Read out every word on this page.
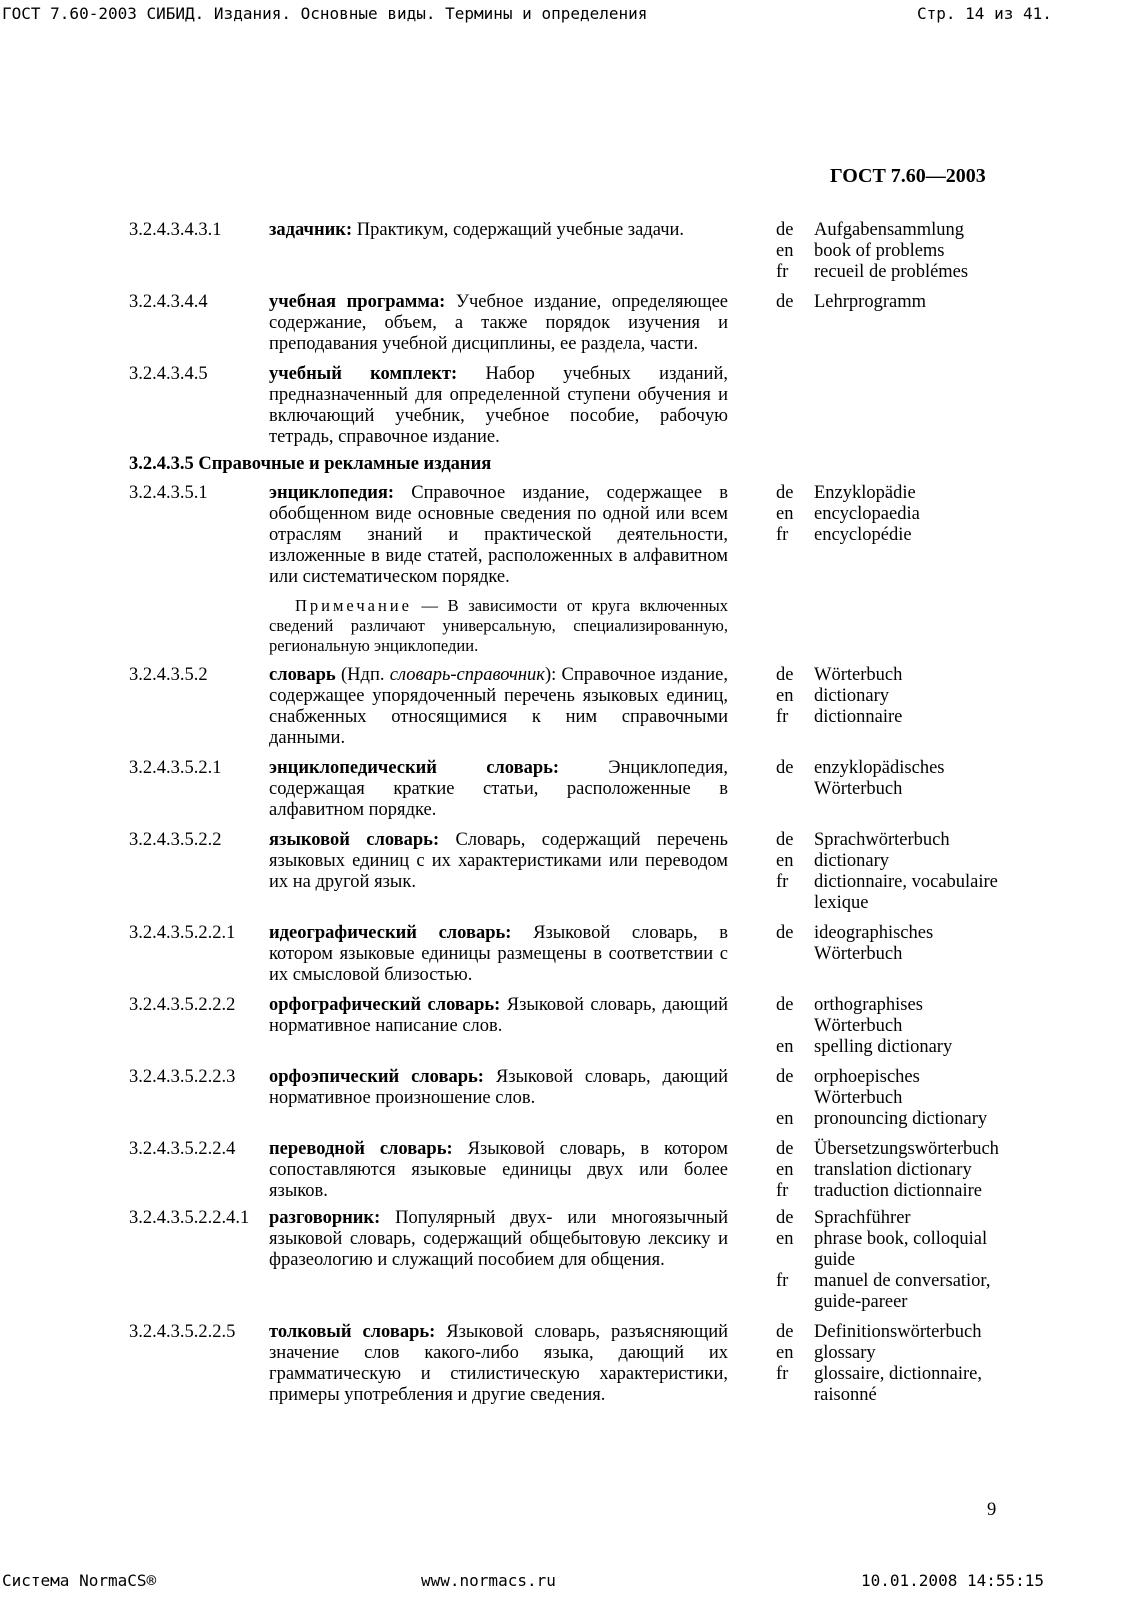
ГОСТ 7.60-2003 СИБИД. Издания. Основные виды. Термины и определения	Стр. 14 из 41.
ГОСТ 7.60—2003
3.2.4.3.4.3.1	задачник: Практикум, содержащий учебные задачи.	de	Aufgabensammlung
en	book of problems
fr	recueil de problémes
3.2.4.3.4.4	учебная программа: Учебное издание, определяющее содержание, объем, а также порядок изучения и преподавания учебной дисциплины, ее раздела, части.
de	Lehrprogramm
3.2.4.3.4.5	учебный комплект: Набор учебных изданий, предназначенный для определенной ступени обучения и включающий учебник, учебное пособие, рабочую тетрадь, справочное издание.
3.2.4.3.5 Справочные и рекламные издания
3.2.4.3.5.1	энциклопедия: Справочное издание, содержащее в обобщенном виде основные сведения по одной или всем отраслям знаний и практической деятельности, изложенные в виде статей, расположенных в алфавитном или систематическом порядке.
de	Enzyklopädie
en	encyclopaedia
fr	encyclopédie
Примечание — В зависимости от круга включенных сведений различают универсальную, специализированную, региональную энциклопедии.
3.2.4.3.5.2	словарь (Ндп. словарь-справочник): Справочное издание, содержащее упорядоченный перечень языковых единиц, снабженных относящимися к ним справочными данными.
de	Wörterbuch
en	dictionary
fr	dictionnaire
3.2.4.3.5.2.1	энциклопедический словарь: Энциклопедия, содержащая краткие статьи, расположенные в алфавитном порядке.
de	enzyklopädisches Wörterbuch
3.2.4.3.5.2.2	языковой словарь: Словарь, содержащий перечень языковых единиц с их характеристиками или переводом их на другой язык.
de	Sprachwörterbuch
en	dictionary
fr	dictionnaire, vocabulaire lexique
3.2.4.3.5.2.2.1	идеографический словарь: Языковой словарь, в котором языковые единицы размещены в соответствии с их смысловой близостью.
de	ideographisches Wörterbuch
3.2.4.3.5.2.2.2	орфографический словарь: Языковой словарь, дающий нормативное написание слов.
de	orthographises Wörterbuch
en	spelling dictionary
3.2.4.3.5.2.2.3	орфоэпический словарь: Языковой словарь, дающий нормативное произношение слов.
de	orphoepisches Wörterbuch
en	pronouncing dictionary
3.2.4.3.5.2.2.4	переводной словарь: Языковой словарь, в котором сопоставляются языковые единицы двух или более языков.
de	Übersetzungswörterbuch
en	translation dictionary
fr	traduction dictionnaire
3.2.4.3.5.2.2.4.1	разговорник: Популярный двух- или многоязычный языковой словарь, содержащий общебытовую лексику и фразеологию и служащий пособием для общения.
de	Sprachführer
en	phrase book, colloquial guide
fr	manuel de conversatior, guide-pareer
3.2.4.3.5.2.2.5	толковый словарь: Языковой словарь, разъясняющий значение слов какого-либо языка, дающий их грамматическую и стилистическую характеристики, примеры употребления и другие сведения.
de	Definitionswörterbuch
en	glossary
fr	glossaire, dictionnaire, raisonné
9
Система NormaCS®	www.normacs.ru	10.01.2008 14:55:15
